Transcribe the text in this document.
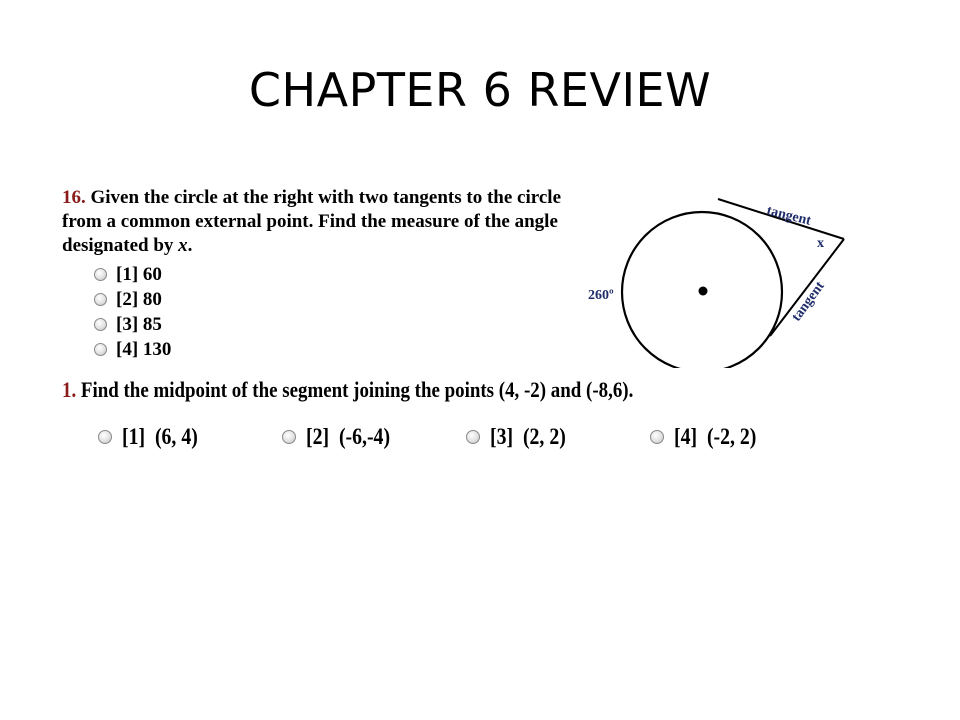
CHAPTER 6 REVIEW
16. Given the circle at the right with two tangents to the circle
from a common external point. Find the measure of the angle
designated by x.
[1] 60
[2] 80
[3] 85
[4] 130
tangent
tangent
x
260º
1. Find the midpoint of the segment joining the points (4, -2) and (-8,6).
[1]  (6, 4)	[2]  (-6,-4)	[3]  (2, 2)	[4]  (-2, 2)
